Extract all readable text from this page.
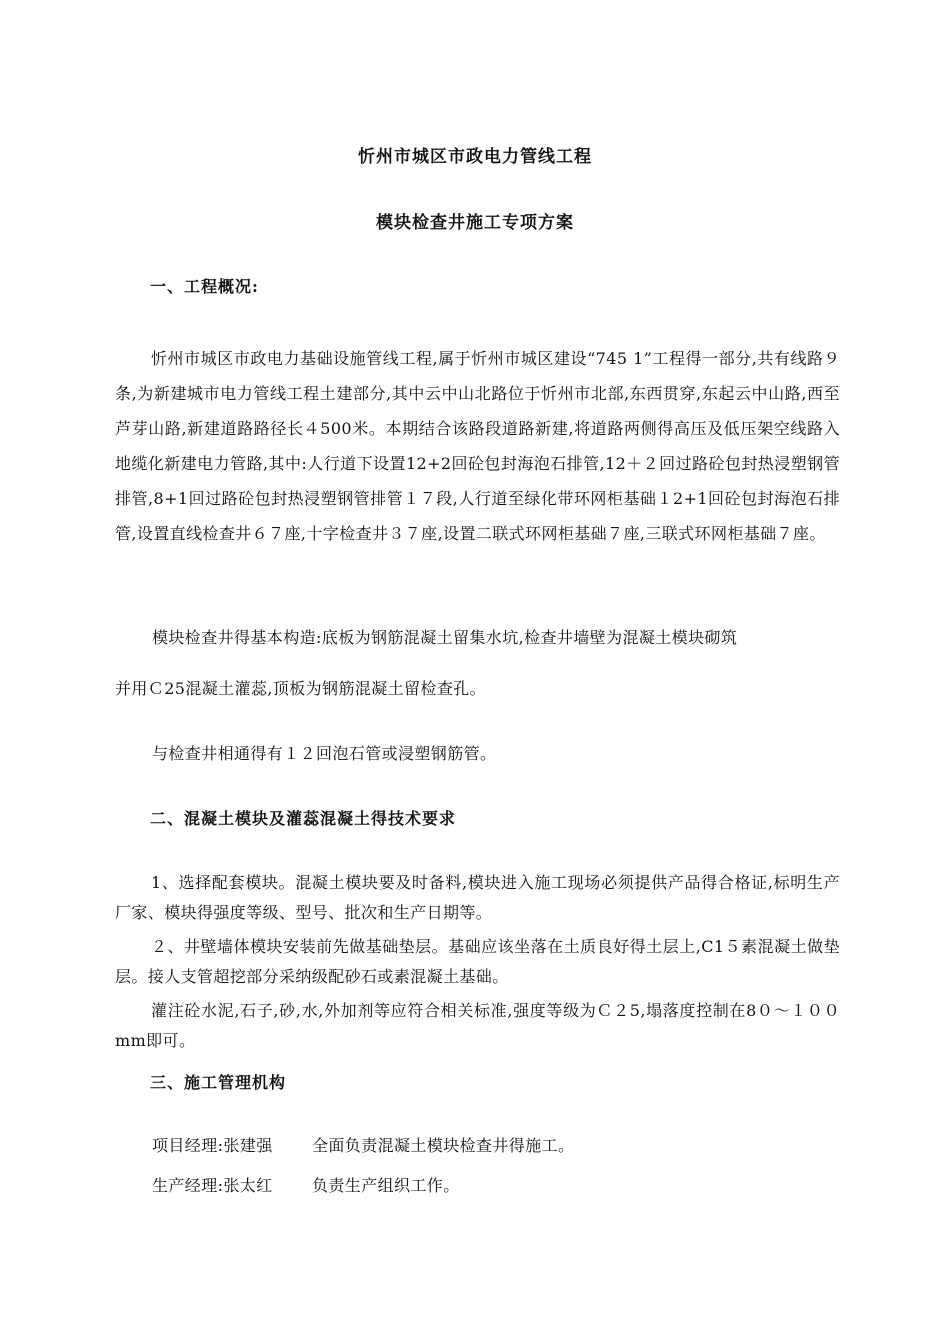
忻州市城区市政电力管线工程
模块检查井施工专项方案
一、工程概况:
忻州市城区市政电力基础设施管线工程,属于忻州市城区建设“745 1”工程得一部分,共有线路９条,为新建城市电力管线工程土建部分,其中云中山北路位于忻州市北部,东西贯穿,东起云中山路,西至芦芽山路,新建道路路径长４500米。本期结合该路段道路新建,将道路两侧得高压及低压架空线路入地缆化新建电力管路,其中:人行道下设置12+2回砼包封海泡石排管,12＋２回过路砼包封热浸塑钢管排管,8+1回过路砼包封热浸塑钢管排管１７段,人行道至绿化带环网柜基础１2+1回砼包封海泡石排管,设置直线检查井６７座,十字检查井３７座,设置二联式环网柜基础７座,三联式环网柜基础７座。
模块检查井得基本构造:底板为钢筋混凝土留集水坑,检查井墙壁为混凝土模块砌筑
并用Ｃ25混凝土灌蕊,顶板为钢筋混凝土留检查孔。
与检查井相通得有１２回泡石管或浸塑钢筋管。
二、混凝土模块及灌蕊混凝土得技术要求
1、选择配套模块。混凝土模块要及时备料,模块进入施工现场必须提供产品得合格证,标明生产厂家、模块得强度等级、型号、批次和生产日期等。
２、井壁墙体模块安装前先做基础垫层。基础应该坐落在土质良好得土层上,C1５素混凝土做垫层。接人支管超挖部分采纳级配砂石或素混凝土基础。
灌注砼水泥,石子,砂,水,外加剂等应符合相关标准,强度等级为Ｃ２5,塌落度控制在8０～１００mm即可。
三、施工管理机构
项目经理:张建强 全面负责混凝土模块检查井得施工。
生产经理:张太红 负责生产组织工作。
